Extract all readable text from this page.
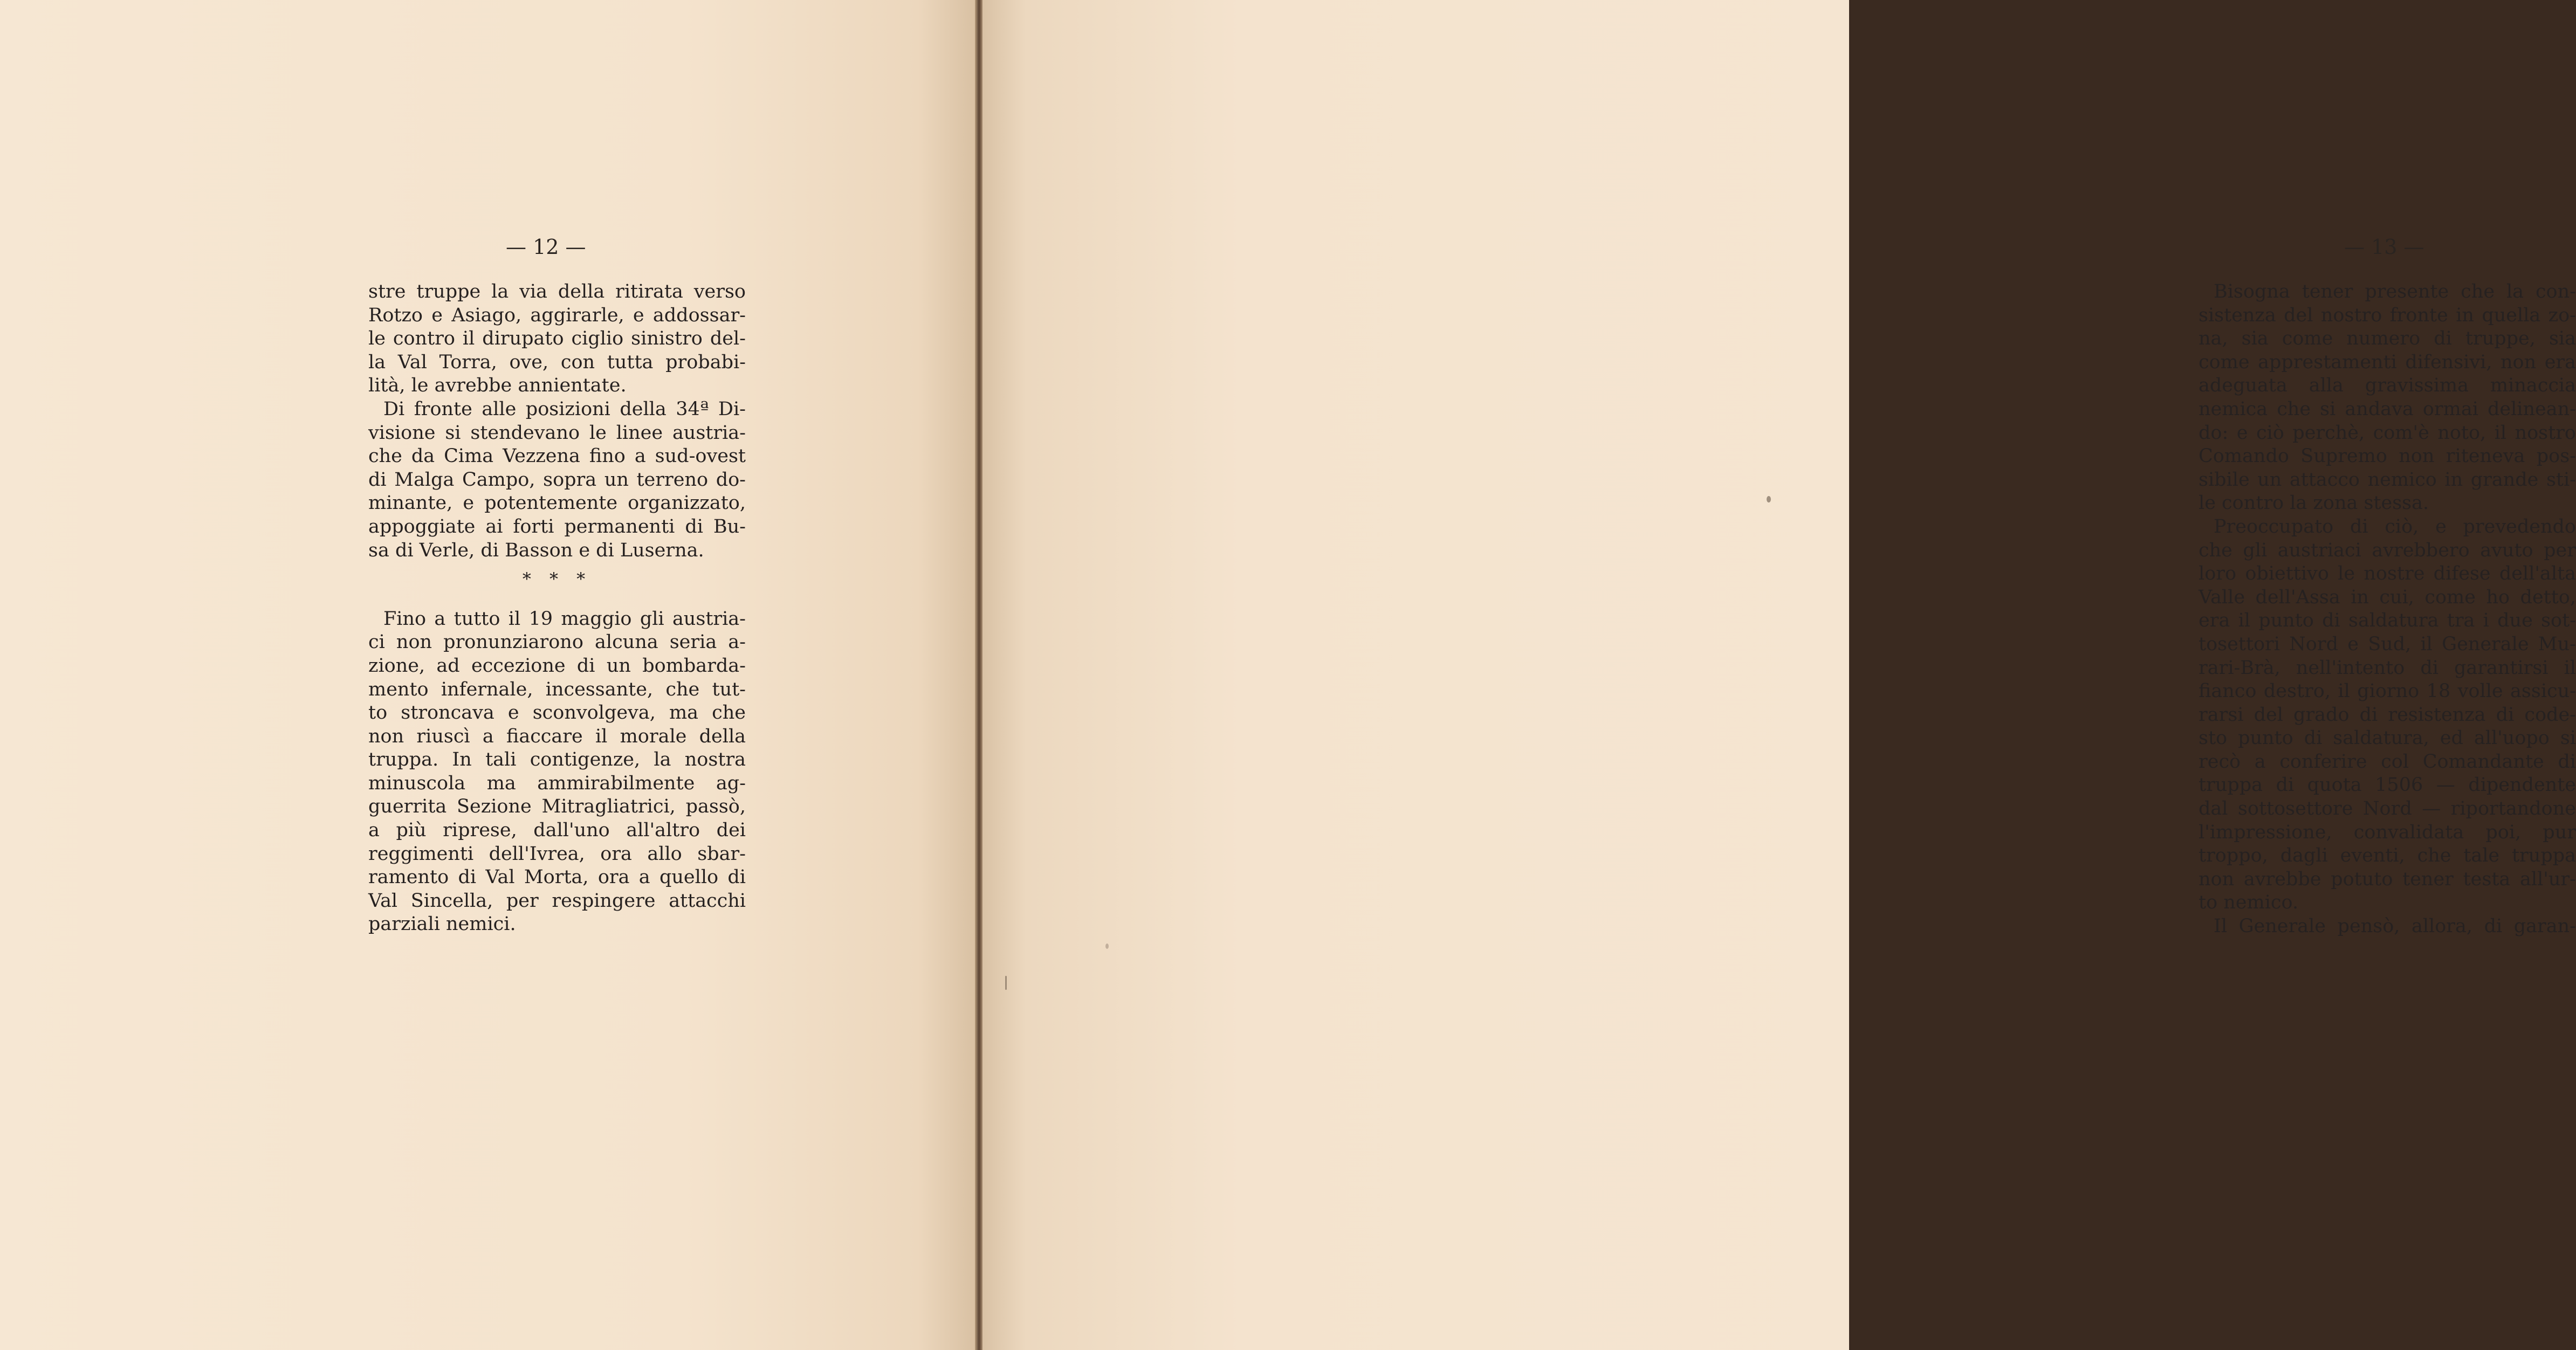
— 12 —
stre truppe la via della ritirata verso
Rotzo e Asiago, aggirarle, e addossar-
le contro il dirupato ciglio sinistro del-
la Val Torra, ove, con tutta probabi-
lità, le avrebbe annientate.
Di fronte alle posizioni della 34ª Di-
visione si stendevano le linee austria-
che da Cima Vezzena fino a sud-ovest
di Malga Campo, sopra un terreno do-
minante, e potentemente organizzato,
appoggiate ai forti permanenti di Bu-
sa di Verle, di Basson e di Luserna.
* * *
Fino a tutto il 19 maggio gli austria-
ci non pronunziarono alcuna seria a-
zione, ad eccezione di un bombarda-
mento infernale, incessante, che tut-
to stroncava e sconvolgeva, ma che
non riuscì a fiaccare il morale della
truppa. In tali contigenze, la nostra
minuscola ma ammirabilmente ag-
guerrita Sezione Mitragliatrici, passò,
a più riprese, dall'uno all'altro dei
reggimenti dell'Ivrea, ora allo sbar-
ramento di Val Morta, ora a quello di
Val Sincella, per respingere attacchi
parziali nemici.
— 13 —
Bisogna tener presente che la con-
sistenza del nostro fronte in quella zo-
na, sia come numero di truppe, sia
come apprestamenti difensivi, non era
adeguata alla gravissima minaccia
nemica che si andava ormai delinean-
do: e ciò perchè, com'è noto, il nostro
Comando Supremo non riteneva pos-
sibile un attacco nemico in grande sti-
le contro la zona stessa.
Preoccupato di ciò, e prevedendo
che gli austriaci avrebbero avuto per
loro obiettivo le nostre difese dell'alta
Valle dell'Assa in cui, come ho detto,
era il punto di saldatura tra i due sot-
tosettori Nord e Sud, il Generale Mu-
rari-Brà, nell'intento di garantirsi il
fianco destro, il giorno 18 volle assicu-
rarsi del grado di resistenza di code-
sto punto di saldatura, ed all'uopo si
recò a conferire col Comandante di
truppa di quota 1506 — dipendente
dal sottosettore Nord — riportandone
l'impressione, convalidata poi, pur
troppo, dagli eventi, che tale truppa
non avrebbe potuto tener testa all'ur-
to nemico.
Il Generale pensò, allora, di garan-
